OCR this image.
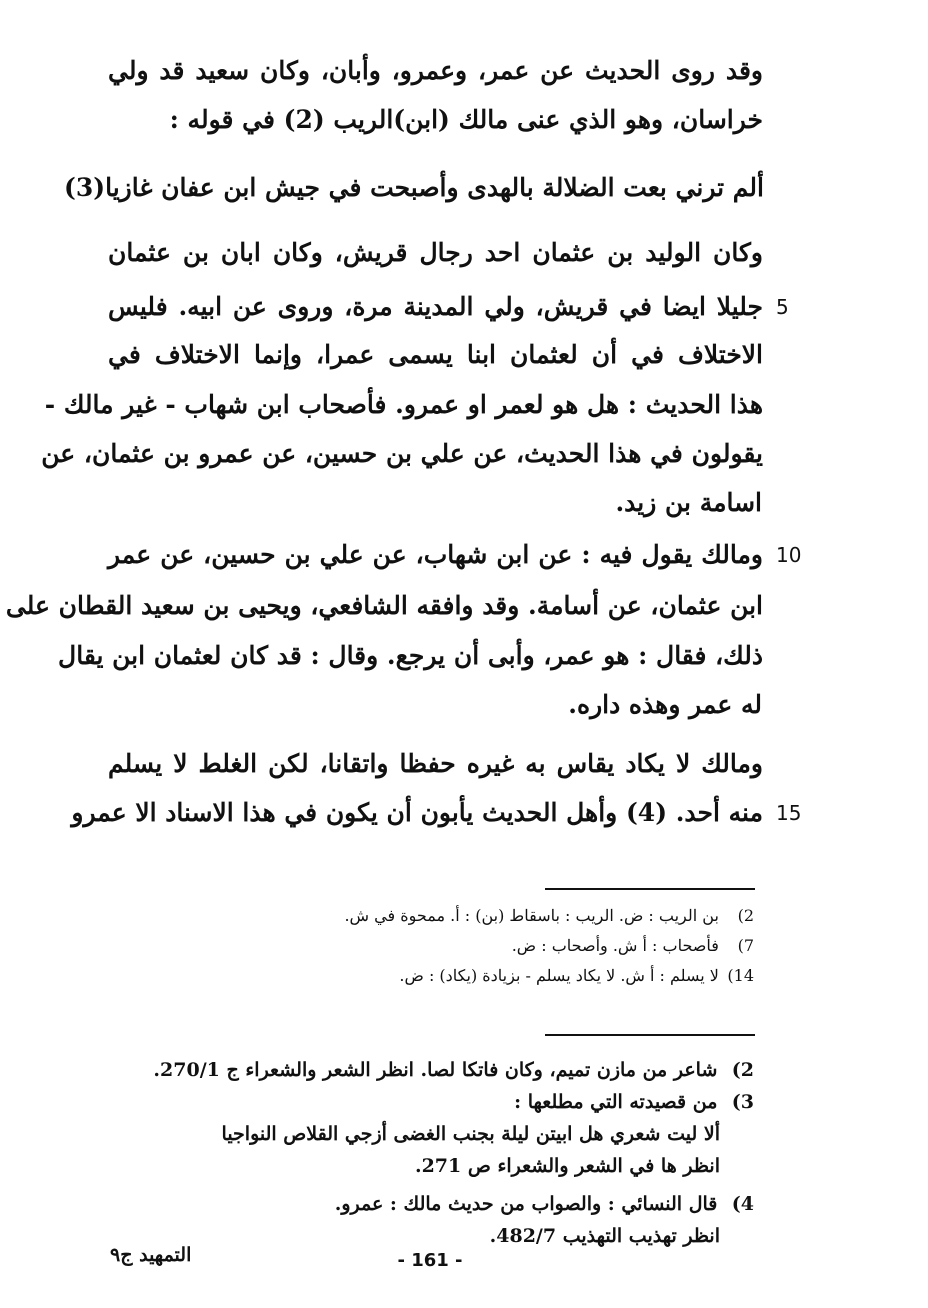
وقد روى الحديث عن عمر، وعمرو، وأبان، وكان سعيد قد ولي
خراسان، وهو الذي عنى مالك (ابن)الريب (2) في قوله :
ألم ترني بعت الضلالة بالهدى وأصبحت في جيش ابن عفان غازيا(3)
وكان الوليد بن عثمان احد رجال قريش، وكان ابان بن عثمان
5
جليلا ايضا في قريش، ولي المدينة مرة، وروى عن ابيه. فليس
الاختلاف في أن لعثمان ابنا يسمى عمرا، وإنما الاختلاف في
هذا الحديث : هل هو لعمر او عمرو. فأصحاب ابن شهاب - غير مالك -
يقولون في هذا الحديث، عن علي بن حسين، عن عمرو بن عثمان، عن
اسامة بن زيد.
10
ومالك يقول فيه : عن ابن شهاب، عن علي بن حسين، عن عمر
ابن عثمان، عن أسامة. وقد وافقه الشافعي، ويحيى بن سعيد القطان على
ذلك، فقال : هو عمر، وأبى أن يرجع. وقال : قد كان لعثمان ابن يقال
له عمر وهذه داره.
ومالك لا يكاد يقاس به غيره حفظا واتقانا، لكن الغلط لا يسلم
15
منه أحد. (4) وأهل الحديث يأبون أن يكون في هذا الاسناد الا عمرو
2) بن الريب : ض. الريب : باسقاط (بن) : أ. ممحوة في ش.
7) فأصحاب : أ ش. وأصحاب : ض.
14) لا يسلم : أ ش. لا يكاد يسلم - بزيادة (يكاد) : ض.
2) شاعر من مازن تميم، وكان فاتكا لصا. انظر الشعر والشعراء ج 270/1.
3) من قصيدته التي مطلعها :
ألا ليت شعري هل ابيتن ليلة بجنب الغضى أزجي القلاص النواجيا
انظر ها في الشعر والشعراء ص 271.
4) قال النسائي : والصواب من حديث مالك : عمرو.
انظر تهذيب التهذيب 482/7.
التمهيد ج٩	- 161 -
